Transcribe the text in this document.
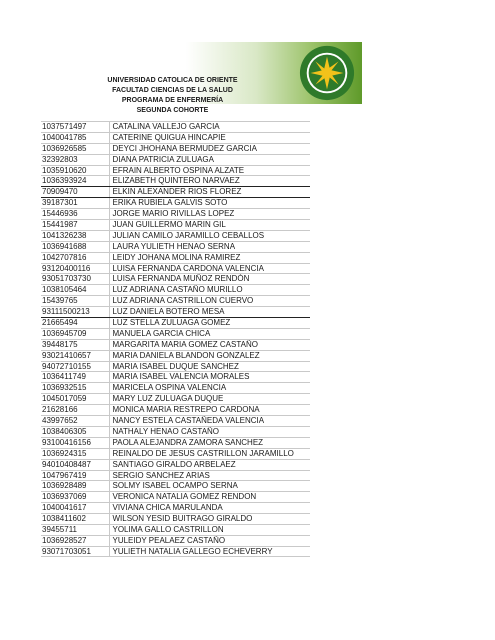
UNIVERSIDAD CATOLICA DE ORIENTE
FACULTAD CIENCIAS DE LA SALUD
PROGRAMA DE ENFERMERÍA
SEGUNDA COHORTE
1037571497	CATALINA VALLEJO GARCIA
1040041785	CATERINE QUIGUA HINCAPIE
1036926585	DEYCI JHOHANA BERMUDEZ GARCIA
32392803	DIANA PATRICIA ZULUAGA
1035910620	EFRAIN ALBERTO OSPINA ALZATE
1036393924	ELIZABETH QUINTERO NARVAEZ
70909470	ELKIN ALEXANDER RIOS FLOREZ
39187301	ERIKA RUBIELA GALVIS SOTO
15446936	JORGE MARIO RIVILLAS LOPEZ
15441987	JUAN GUILLERMO MARIN GIL
1041326238	JULIAN CAMILO JARAMILLO CEBALLOS
1036941688	LAURA YULIETH HENAO SERNA
1042707816	LEIDY JOHANA MOLINA RAMIREZ
93120400116	LUISA FERNANDA CARDONA VALENCIA
93051703730	LUISA FERNANDA MUÑOZ RENDÓN
1038105464	LUZ ADRIANA CASTAÑO MURILLO
15439765	LUZ ADRIANA CASTRILLON CUERVO
93111500213	LUZ DANIELA BOTERO MESA
21665494	LUZ STELLA ZULUAGA GOMEZ
1036945709	MANUELA GARCIA CHICA
39448175	MARGARITA MARIA GOMEZ CASTAÑO
93021410657	MARIA DANIELA BLANDON GONZALEZ
94072710155	MARIA ISABEL DUQUE SANCHEZ
1036411749	MARIA ISABEL VALENCIA MORALES
1036932515	MARICELA OSPINA VALENCIA
1045017059	MARY LUZ ZULUAGA DUQUE
21628166	MONICA MARIA RESTREPO CARDONA
43997652	NANCY ESTELA CASTAÑEDA VALENCIA
1038406305	NATHALY HENAO CASTAÑO
93100416156	PAOLA ALEJANDRA ZAMORA SANCHEZ
1036924315	REINALDO DE JESUS CASTRILLON JARAMILLO
94010408487	SANTIAGO GIRALDO ARBELAEZ
1047967419	SERGIO SANCHEZ ARIAS
1036928489	SOLMY ISABEL OCAMPO SERNA
1036937069	VERONICA NATALIA GOMEZ RENDON
1040041617	VIVIANA CHICA MARULANDA
1038411602	WILSON YESID BUITRAGO GIRALDO
39455711	YOLIMA GALLO CASTRILLON
1036928527	YULEIDY PEALAEZ CASTAÑO
93071703051	YULIETH NATALIA GALLEGO ECHEVERRY
